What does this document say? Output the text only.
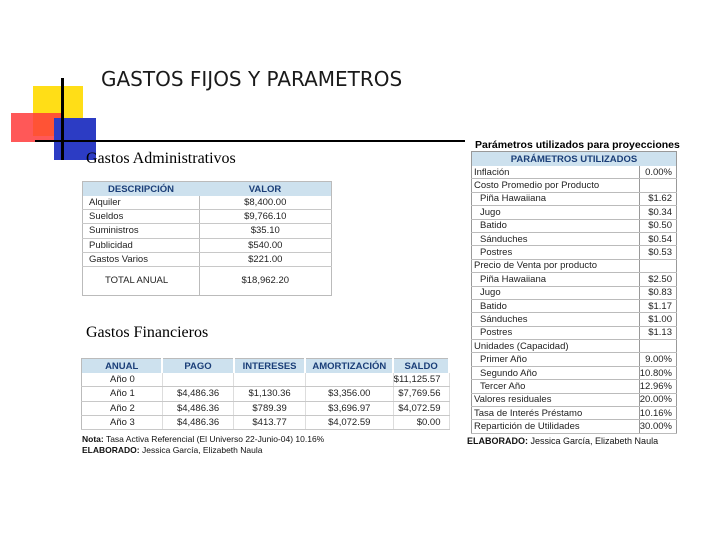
GASTOS FIJOS Y PARAMETROS
Gastos Administrativos
DESCRIPCIÓN	VALOR
Alquiler	$8,400.00
Sueldos	$9,766.10
Suministros	$35.10
Publicidad	$540.00
Gastos Varios	$221.00
TOTAL ANUAL	$18,962.20
Gastos Financieros
ANUAL	PAGO	INTERESES	AMORTIZACIÓN	SALDO
Año 0				$11,125.57
Año 1	$4,486.36	$1,130.36	$3,356.00	$7,769.56
Año 2	$4,486.36	$789.39	$3,696.97	$4,072.59
Año 3	$4,486.36	$413.77	$4,072.59	$0.00
Nota: Tasa Activa Referencial (El Universo 22-Junio-04) 10.16%
ELABORADO: Jessica García, Elizabeth Naula
Parámetros utilizados para proyecciones
PARÁMETROS UTILIZADOS	
Inflación	0.00%
Costo Promedio por Producto	
Piña Hawaiiana	$1.62
Jugo	$0.34
Batido	$0.50
Sánduches	$0.54
Postres	$0.53
Precio de Venta por producto	
Piña Hawaiiana	$2.50
Jugo	$0.83
Batido	$1.17
Sánduches	$1.00
Postres	$1.13
Unidades (Capacidad)	
Primer Año	9.00%
Segundo Año	10.80%
Tercer Año	12.96%
Valores residuales	20.00%
Tasa de Interés Préstamo	10.16%
Repartición de Utilidades	30.00%
ELABORADO: Jessica García, Elizabeth Naula
